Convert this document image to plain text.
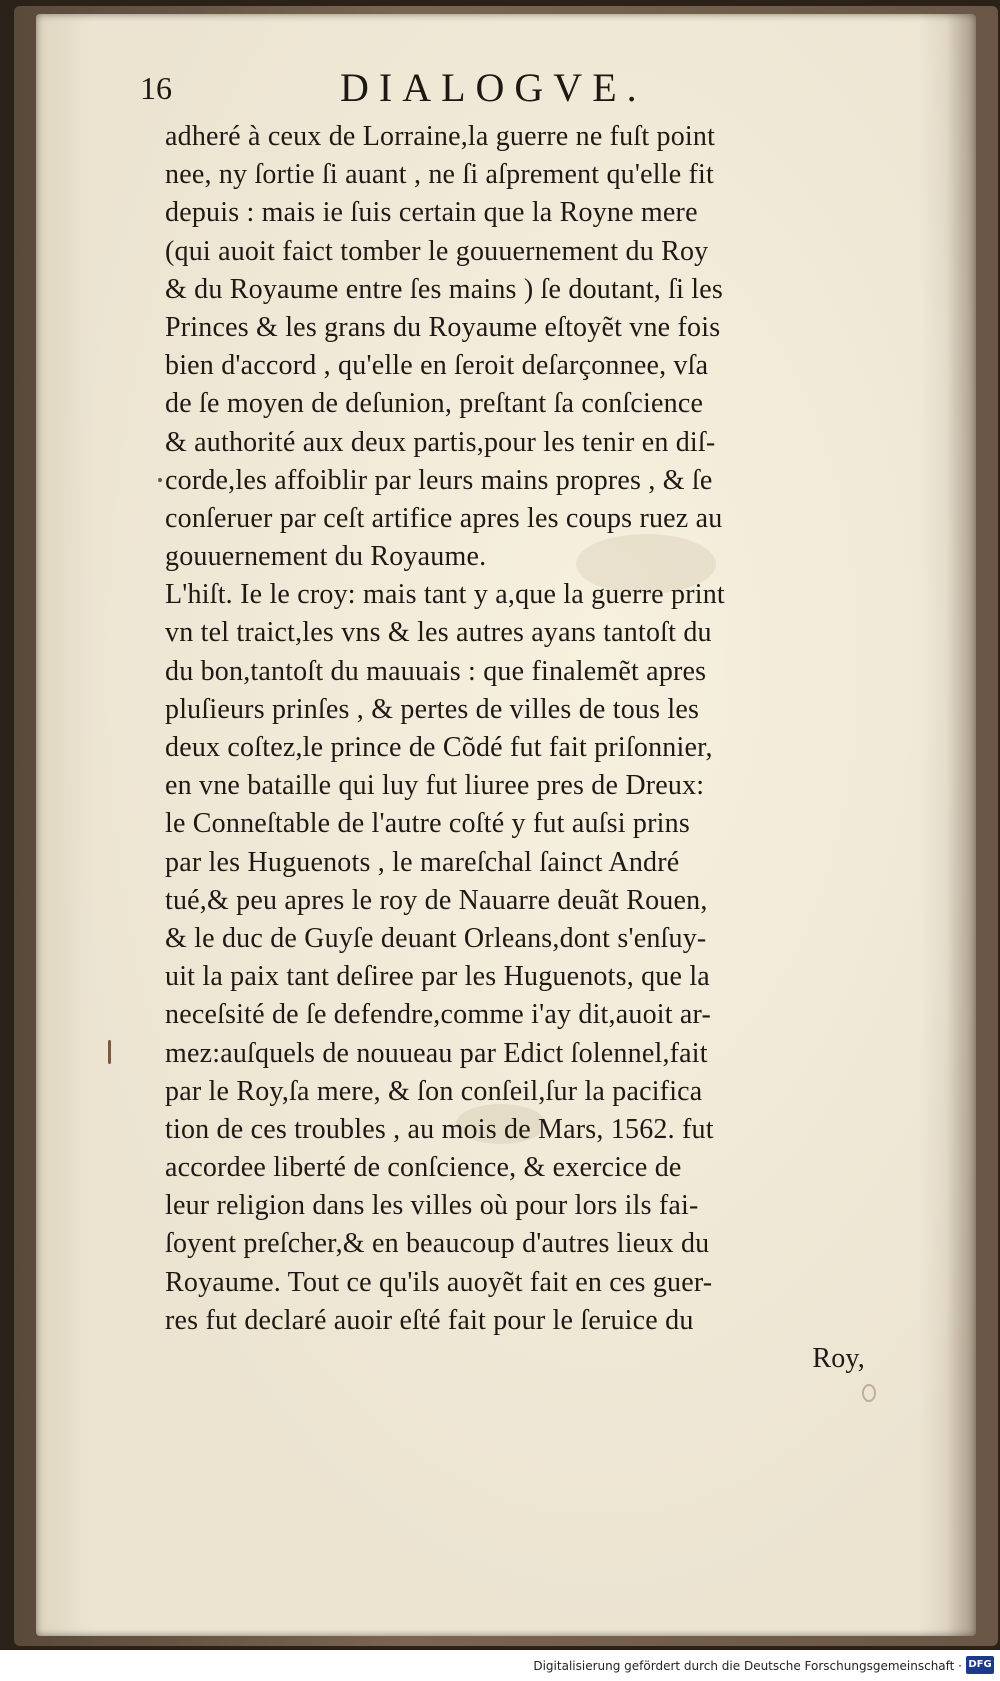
16	DIALOGVE.
adheré à ceux de Lorraine,la guerre ne fuſt point
nee, ny ſortie ſi auant , ne ſi aſprement qu'elle fit
depuis : mais ie ſuis certain que la Royne mere
(qui auoit faict tomber le gouuernement du Roy
& du Royaume entre ſes mains ) ſe doutant, ſi les
Princes & les grans du Royaume eſtoyẽt vne fois
bien d'accord , qu'elle en ſeroit deſarçonnee, vſa
de ſe moyen de deſunion, preſtant ſa conſcience
& authorité aux deux partis,pour les tenir en diſ-
corde,les affoiblir par leurs mains propres , & ſe
conſeruer par ceſt artifice apres les coups ruez au
gouuernement du Royaume.
L'hiſt. Ie le croy: mais tant y a,que la guerre print
vn tel traict,les vns & les autres ayans tantoſt du
du bon,tantoſt du mauuais : que finalemẽt apres
pluſieurs prinſes , & pertes de villes de tous les
deux coſtez,le prince de Cõdé fut fait priſonnier,
en vne bataille qui luy fut liuree pres de Dreux:
le Conneſtable de l'autre coſté y fut auſsi prins
par les Huguenots , le mareſchal ſainct André
tué,& peu apres le roy de Nauarre deuãt Rouen,
& le duc de Guyſe deuant Orleans,dont s'enſuy-
uit la paix tant deſiree par les Huguenots, que la
neceſsité de ſe defendre,comme i'ay dit,auoit ar-
mez:auſquels de nouueau par Edict ſolennel,fait
par le Roy,ſa mere, & ſon conſeil,ſur la pacifica
tion de ces troubles , au mois de Mars, 1562. fut
accordee liberté de conſcience, & exercice de
leur religion dans les villes où pour lors ils fai-
ſoyent preſcher,& en beaucoup d'autres lieux du
Royaume. Tout ce qu'ils auoyẽt fait en ces guer-
res fut declaré auoir eſté fait pour le ſeruice du
Roy,
Digitalisierung gefördert durch die Deutsche Forschungsgemeinschaft · DFG
